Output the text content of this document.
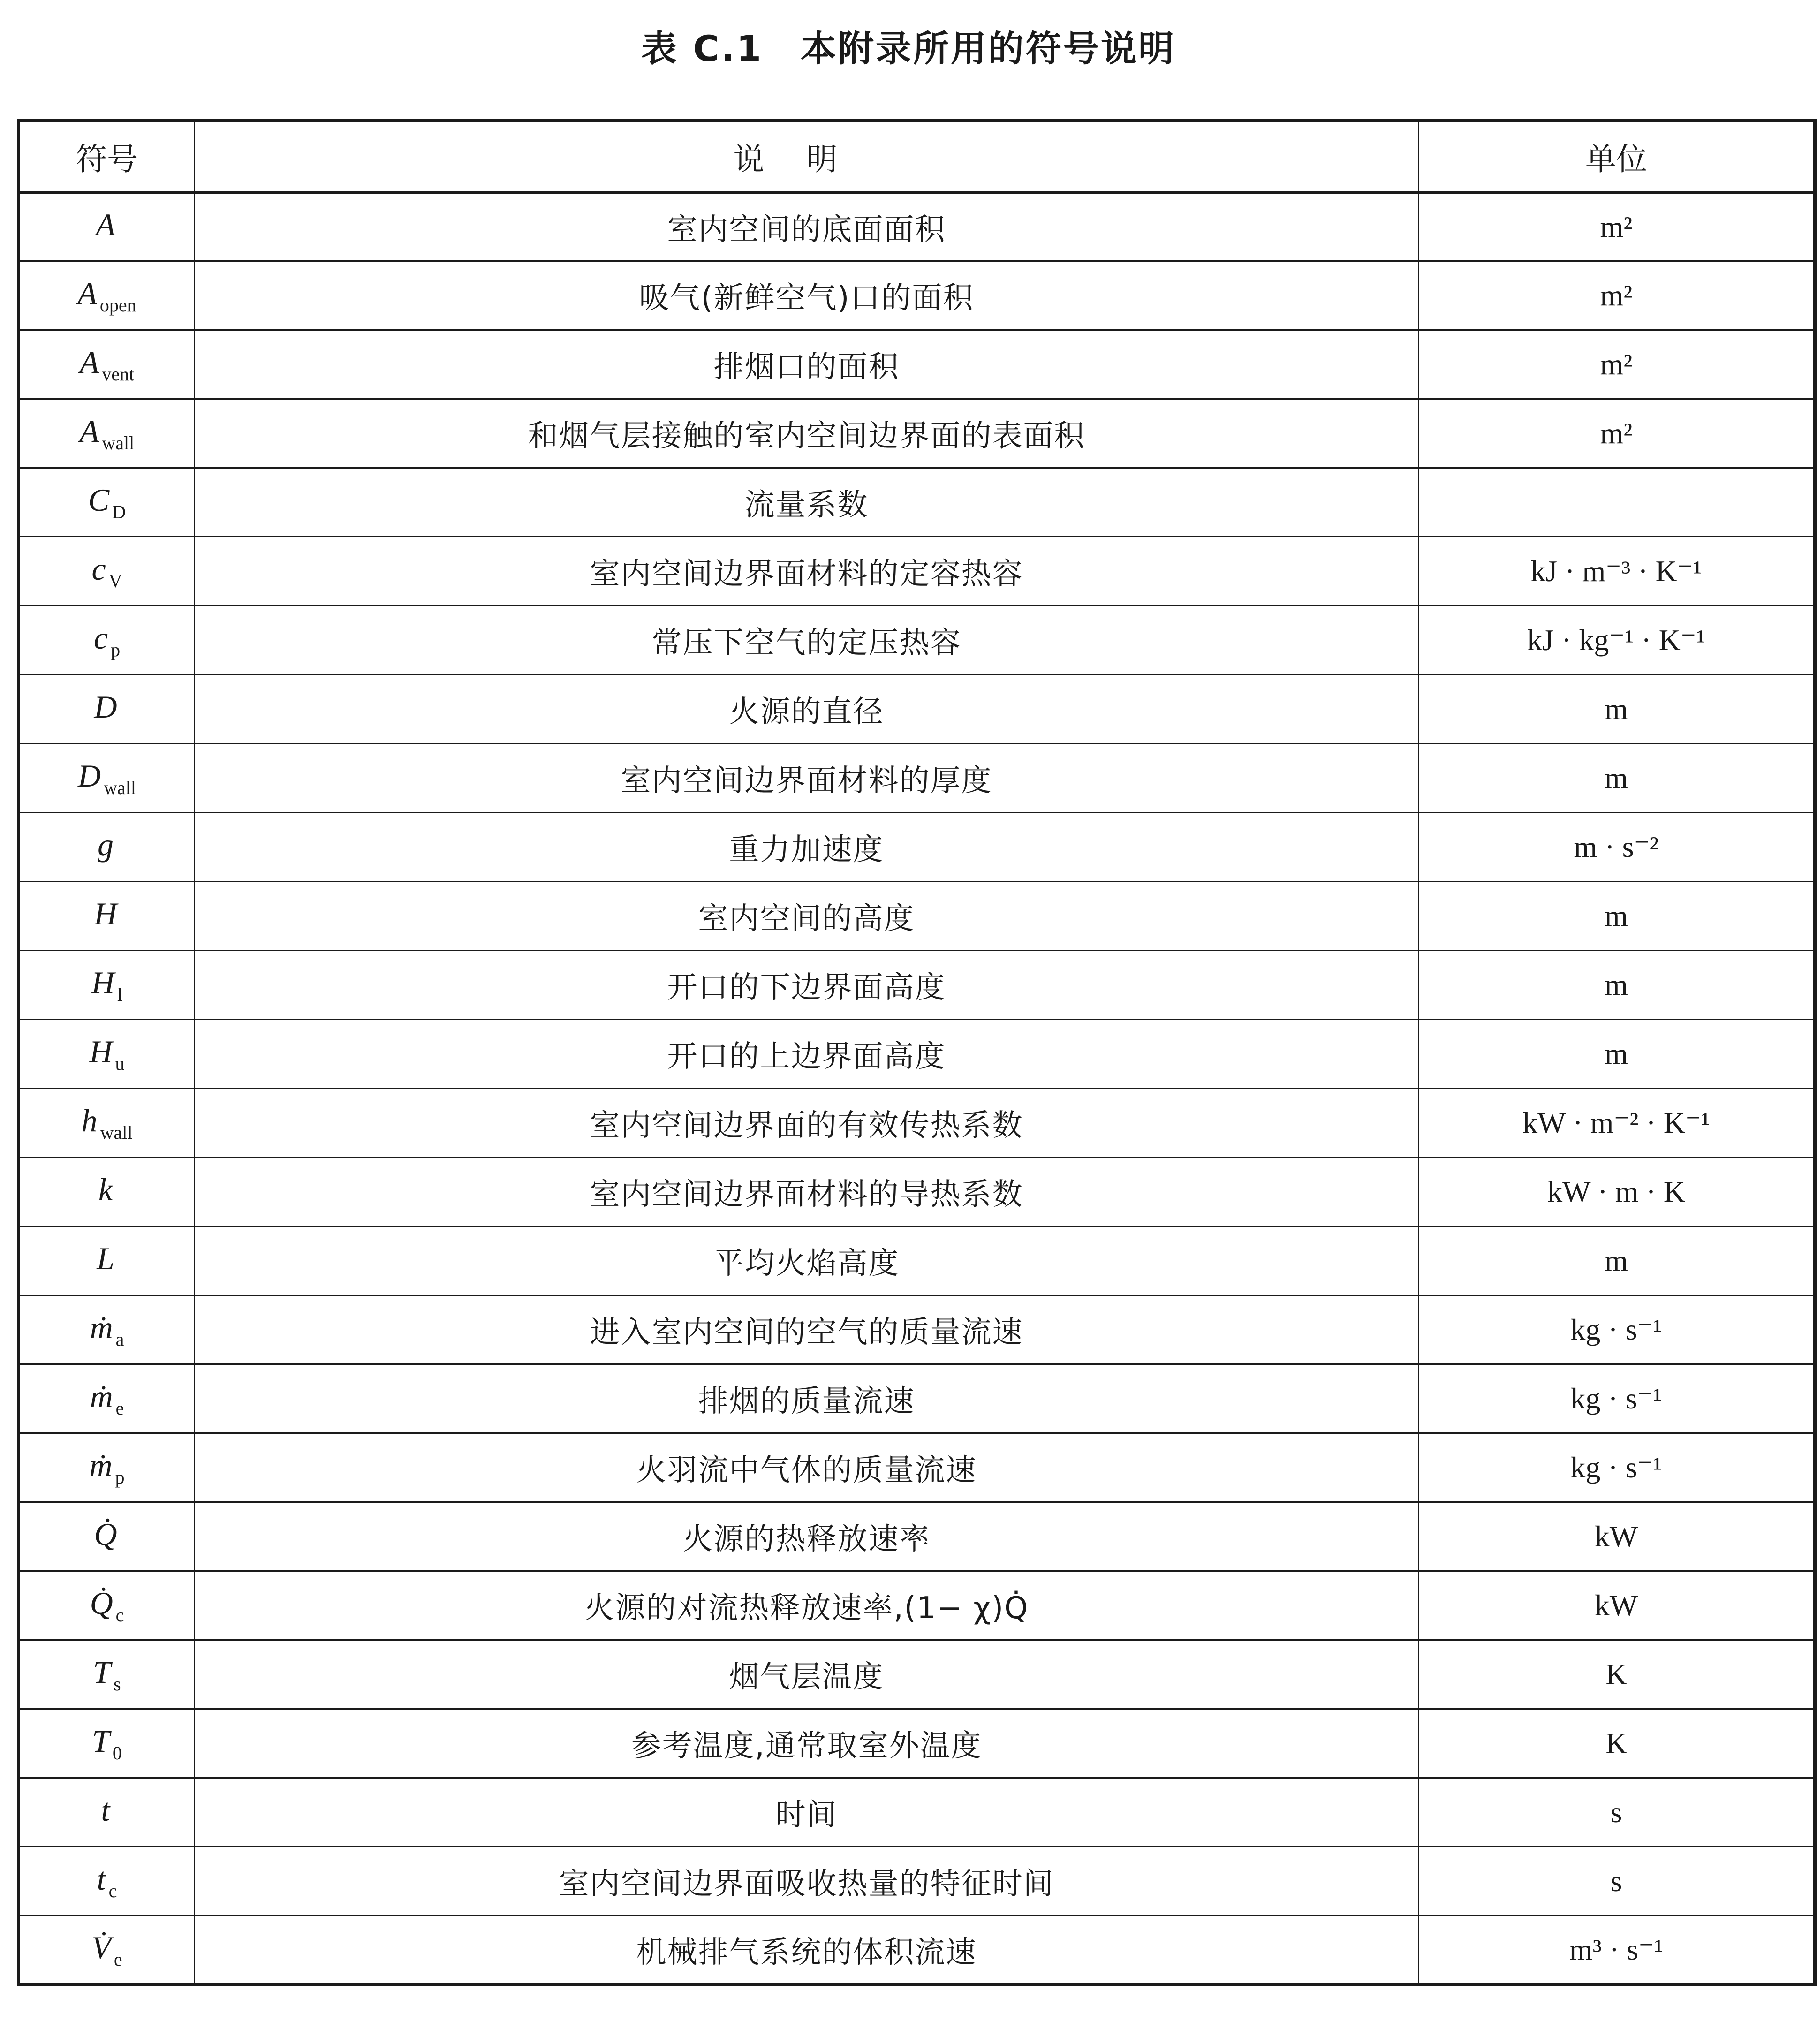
表 C.1　本附录所用的符号说明
符号	说明	单位
A	室内空间的底面面积	m²
A $_{open}$	吸气(新鲜空气)口的面积	m²
A $_{vent}$	排烟口的面积	m²
A $_{wall}$	和烟气层接触的室内空间边界面的表面积	m²
C $_D$	流量系数	
c $_V$	室内空间边界面材料的定容热容	kJ · m⁻³ · K⁻¹
c $_p$	常压下空气的定压热容	kJ · kg⁻¹ · K⁻¹
D	火源的直径	m
D $_{wall}$	室内空间边界面材料的厚度	m
g	重力加速度	m · s⁻²
H	室内空间的高度	m
H $_l$	开口的下边界面高度	m
H $_u$	开口的上边界面高度	m
h $_{wall}$	室内空间边界面的有效传热系数	kW · m⁻² · K⁻¹
k	室内空间边界面材料的导热系数	kW · m · K
L	平均火焰高度	m
ṁ $_a$	进入室内空间的空气的质量流速	kg · s⁻¹
ṁ $_e$	排烟的质量流速	kg · s⁻¹
ṁ $_p$	火羽流中气体的质量流速	kg · s⁻¹
Q̇	火源的热释放速率	kW
Q̇ $_c$	火源的对流热释放速率,(1− χ)Q̇	kW
T $_s$	烟气层温度	K
T $_0$	参考温度,通常取室外温度	K
t	时间	s
t $_c$	室内空间边界面吸收热量的特征时间	s
V̇ $_e$	机械排气系统的体积流速	m³ · s⁻¹
